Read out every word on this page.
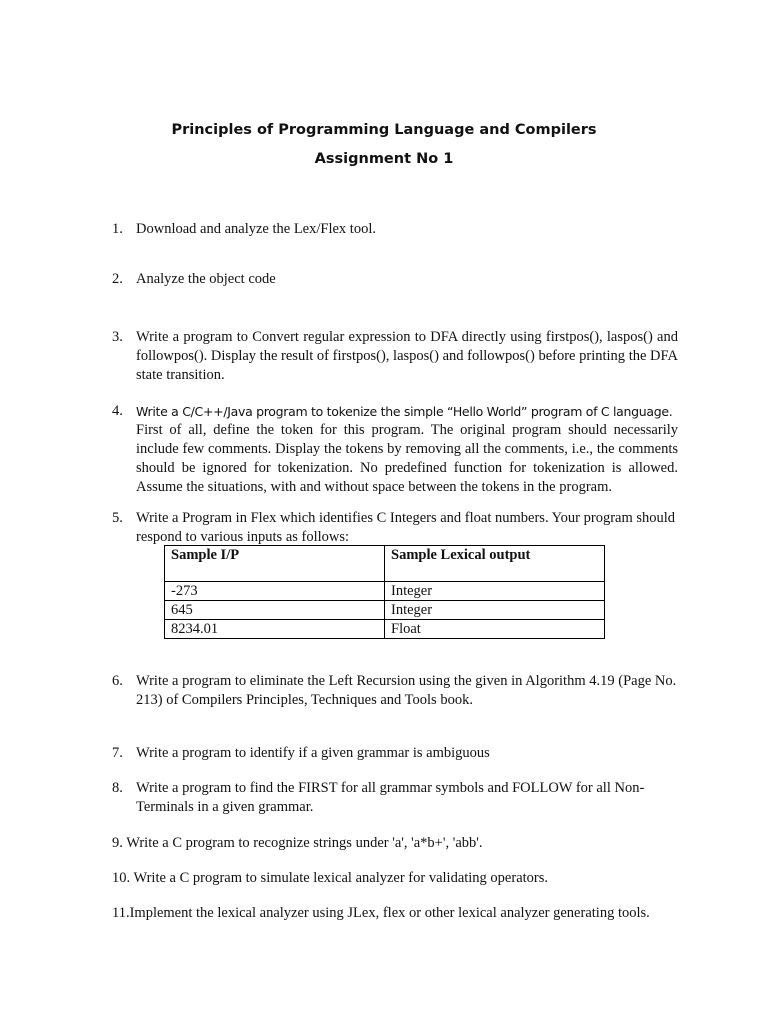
Principles of Programming Language and Compilers
Assignment No 1
1. Download and analyze the Lex/Flex tool.
2. Analyze the object code
3. Write a program to Convert regular expression to DFA directly using firstpos(), laspos() and followpos(). Display the result of firstpos(), laspos() and followpos() before printing the DFA state transition.
4. Write a C/C++/Java program to tokenize the simple “Hello World” program of C language.
First of all, define the token for this program. The original program should necessarily include few comments. Display the tokens by removing all the comments, i.e., the comments should be ignored for tokenization. No predefined function for tokenization is allowed. Assume the situations, with and without space between the tokens in the program.
5. Write a Program in Flex which identifies C Integers and float numbers. Your program should respond to various inputs as follows:
Sample I/P	Sample Lexical output
-273	Integer
645	Integer
8234.01	Float
6. Write a program to eliminate the Left Recursion using the given in Algorithm 4.19 (Page No. 213) of Compilers Principles, Techniques and Tools book.
7. Write a program to identify if a given grammar is ambiguous
8. Write a program to find the FIRST for all grammar symbols and FOLLOW for all Non-Terminals in a given grammar.
9. Write a C program to recognize strings under 'a', 'a*b+', 'abb'.
10. Write a C program to simulate lexical analyzer for validating operators.
11.Implement the lexical analyzer using JLex, flex or other lexical analyzer generating tools.
